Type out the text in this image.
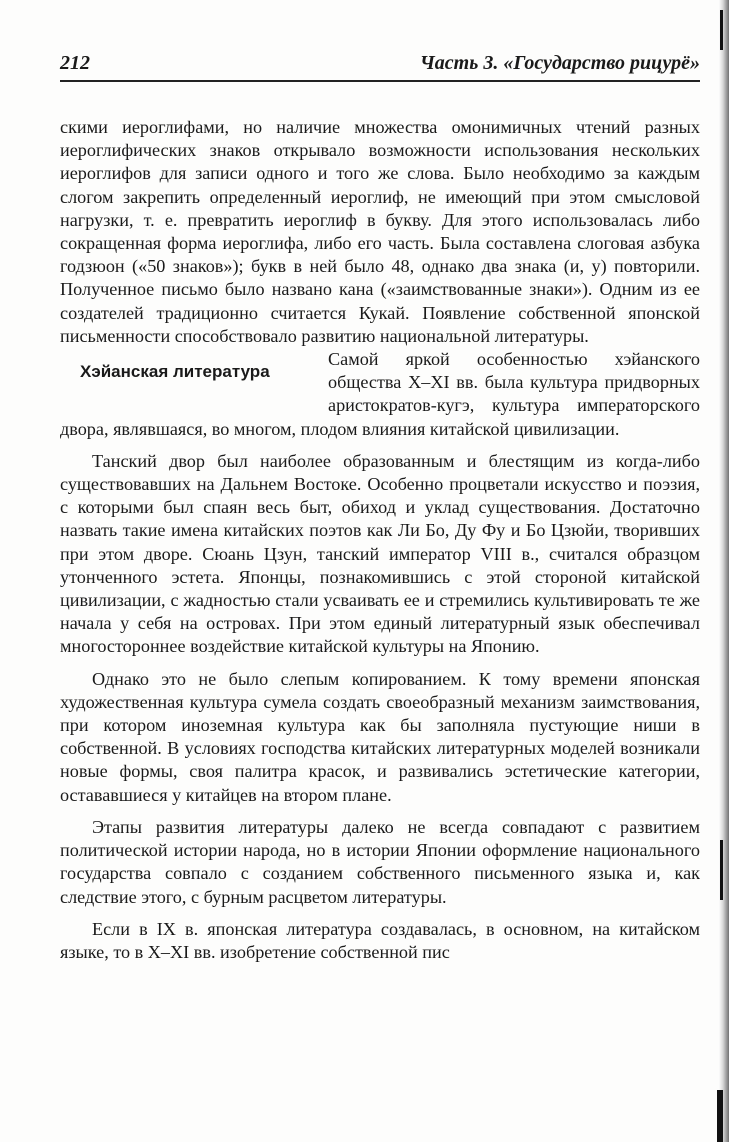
212	Часть 3. «Государство рицурё»

скими иероглифами, но наличие множества омонимичных чтений разных иероглифических знаков открывало возможности использования нескольких иероглифов для записи одного и того же слова. Было необходимо за каждым слогом закрепить определенный иероглиф, не имеющий при этом смысловой нагрузки, т. е. превратить иероглиф в букву. Для этого использовалась либо сокращенная форма иероглифа, либо его часть. Была составлена слоговая азбука годзюон («50 знаков»); букв в ней было 48, однако два знака (и, у) повторили. Полученное письмо было названо кана («заимствованные знаки»). Одним из ее создателей традиционно считается Кукай. Появление собственной японской письменности способствовало развитию национальной литературы.

Хэйанская литература

Самой яркой особенностью хэйанского общества X–XI вв. была культура придворных аристократов-кугэ, культура императорского двора, являвшаяся, во многом, плодом влияния китайской цивилизации.

Танский двор был наиболее образованным и блестящим из когда-либо существовавших на Дальнем Востоке. Особенно процветали искусство и поэзия, с которыми был спаян весь быт, обиход и уклад существования. Достаточно назвать такие имена китайских поэтов как Ли Бо, Ду Фу и Бо Цзюйи, творивших при этом дворе. Сюань Цзун, танский император VIII в., считался образцом утонченного эстета. Японцы, познакомившись с этой стороной китайской цивилизации, с жадностью стали усваивать ее и стремились культивировать те же начала у себя на островах. При этом единый литературный язык обеспечивал многостороннее воздействие китайской культуры на Японию.

Однако это не было слепым копированием. К тому времени японская художественная культура сумела создать своеобразный механизм заимствования, при котором иноземная культура как бы заполняла пустующие ниши в собственной. В условиях господства китайских литературных моделей возникали новые формы, своя палитра красок, и развивались эстетические категории, остававшиеся у китайцев на втором плане.

Этапы развития литературы далеко не всегда совпадают с развитием политической истории народа, но в истории Японии оформление национального государства совпало с созданием собственного письменного языка и, как следствие этого, с бурным расцветом литературы.

Если в IX в. японская литература создавалась, в основном, на китайском языке, то в X–XI вв. изобретение собственной пис
